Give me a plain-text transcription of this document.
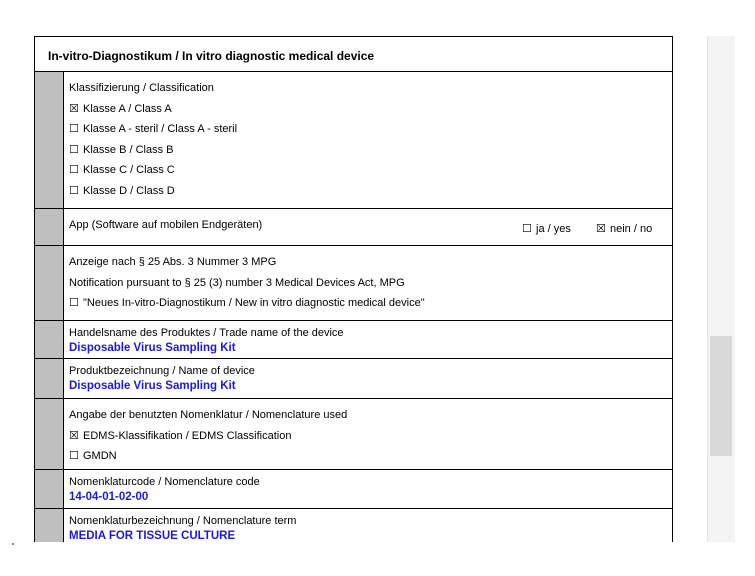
In-vitro-Diagnostikum / In vitro diagnostic medical device
Klassifizierung / Classification
☒ Klasse A / Class A
☐ Klasse A - steril / Class A - steril
☐ Klasse B / Class B
☐ Klasse C / Class C
☐ Klasse D / Class D
App (Software auf mobilen Endgeräten)	☐ ja / yes ☒ nein / no
Anzeige nach § 25 Abs. 3 Nummer 3 MPG
Notification pursuant to § 25 (3) number 3 Medical Devices Act, MPG
☐ "Neues In-vitro-Diagnostikum / New in vitro diagnostic medical device"
Handelsname des Produktes / Trade name of the device
Disposable Virus Sampling Kit
Produktbezeichnung / Name of device
Disposable Virus Sampling Kit
Angabe der benutzten Nomenklatur / Nomenclature used
☒ EDMS-Klassifikation / EDMS Classification
☐ GMDN
Nomenklaturcode / Nomenclature code
14-04-01-02-00
Nomenklaturbezeichnung / Nomenclature term
MEDIA FOR TISSUE CULTURE
